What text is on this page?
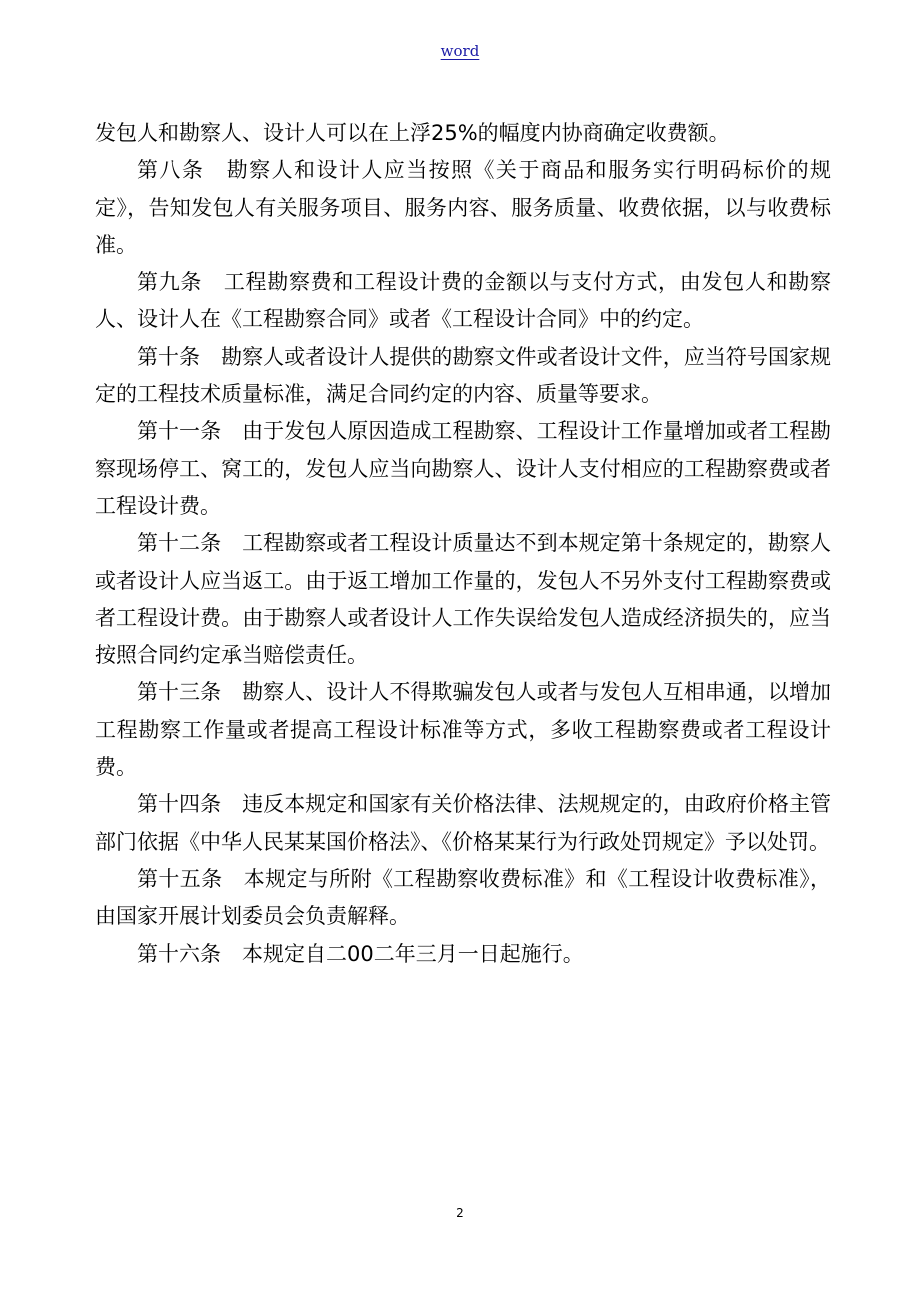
word

发包人和勘察人、设计人可以在上浮25%的幅度内协商确定收费额。

第八条　勘察人和设计人应当按照《关于商品和服务实行明码标价的规定》，告知发包人有关服务项目、服务内容、服务质量、收费依据，以与收费标准。

第九条　工程勘察费和工程设计费的金额以与支付方式，由发包人和勘察人、设计人在《工程勘察合同》或者《工程设计合同》中的约定。

第十条　勘察人或者设计人提供的勘察文件或者设计文件，应当符号国家规定的工程技术质量标准，满足合同约定的内容、质量等要求。

第十一条　由于发包人原因造成工程勘察、工程设计工作量增加或者工程勘察现场停工、窝工的，发包人应当向勘察人、设计人支付相应的工程勘察费或者工程设计费。

第十二条　工程勘察或者工程设计质量达不到本规定第十条规定的，勘察人或者设计人应当返工。由于返工增加工作量的，发包人不另外支付工程勘察费或者工程设计费。由于勘察人或者设计人工作失误给发包人造成经济损失的，应当按照合同约定承当赔偿责任。

第十三条　勘察人、设计人不得欺骗发包人或者与发包人互相串通，以增加工程勘察工作量或者提高工程设计标准等方式，多收工程勘察费或者工程设计费。

第十四条　违反本规定和国家有关价格法律、法规规定的，由政府价格主管部门依据《中华人民某某国价格法》、《价格某某行为行政处罚规定》予以处罚。

第十五条　本规定与所附《工程勘察收费标准》和《工程设计收费标准》，由国家开展计划委员会负责解释。

第十六条　本规定自二00二年三月一日起施行。

2
